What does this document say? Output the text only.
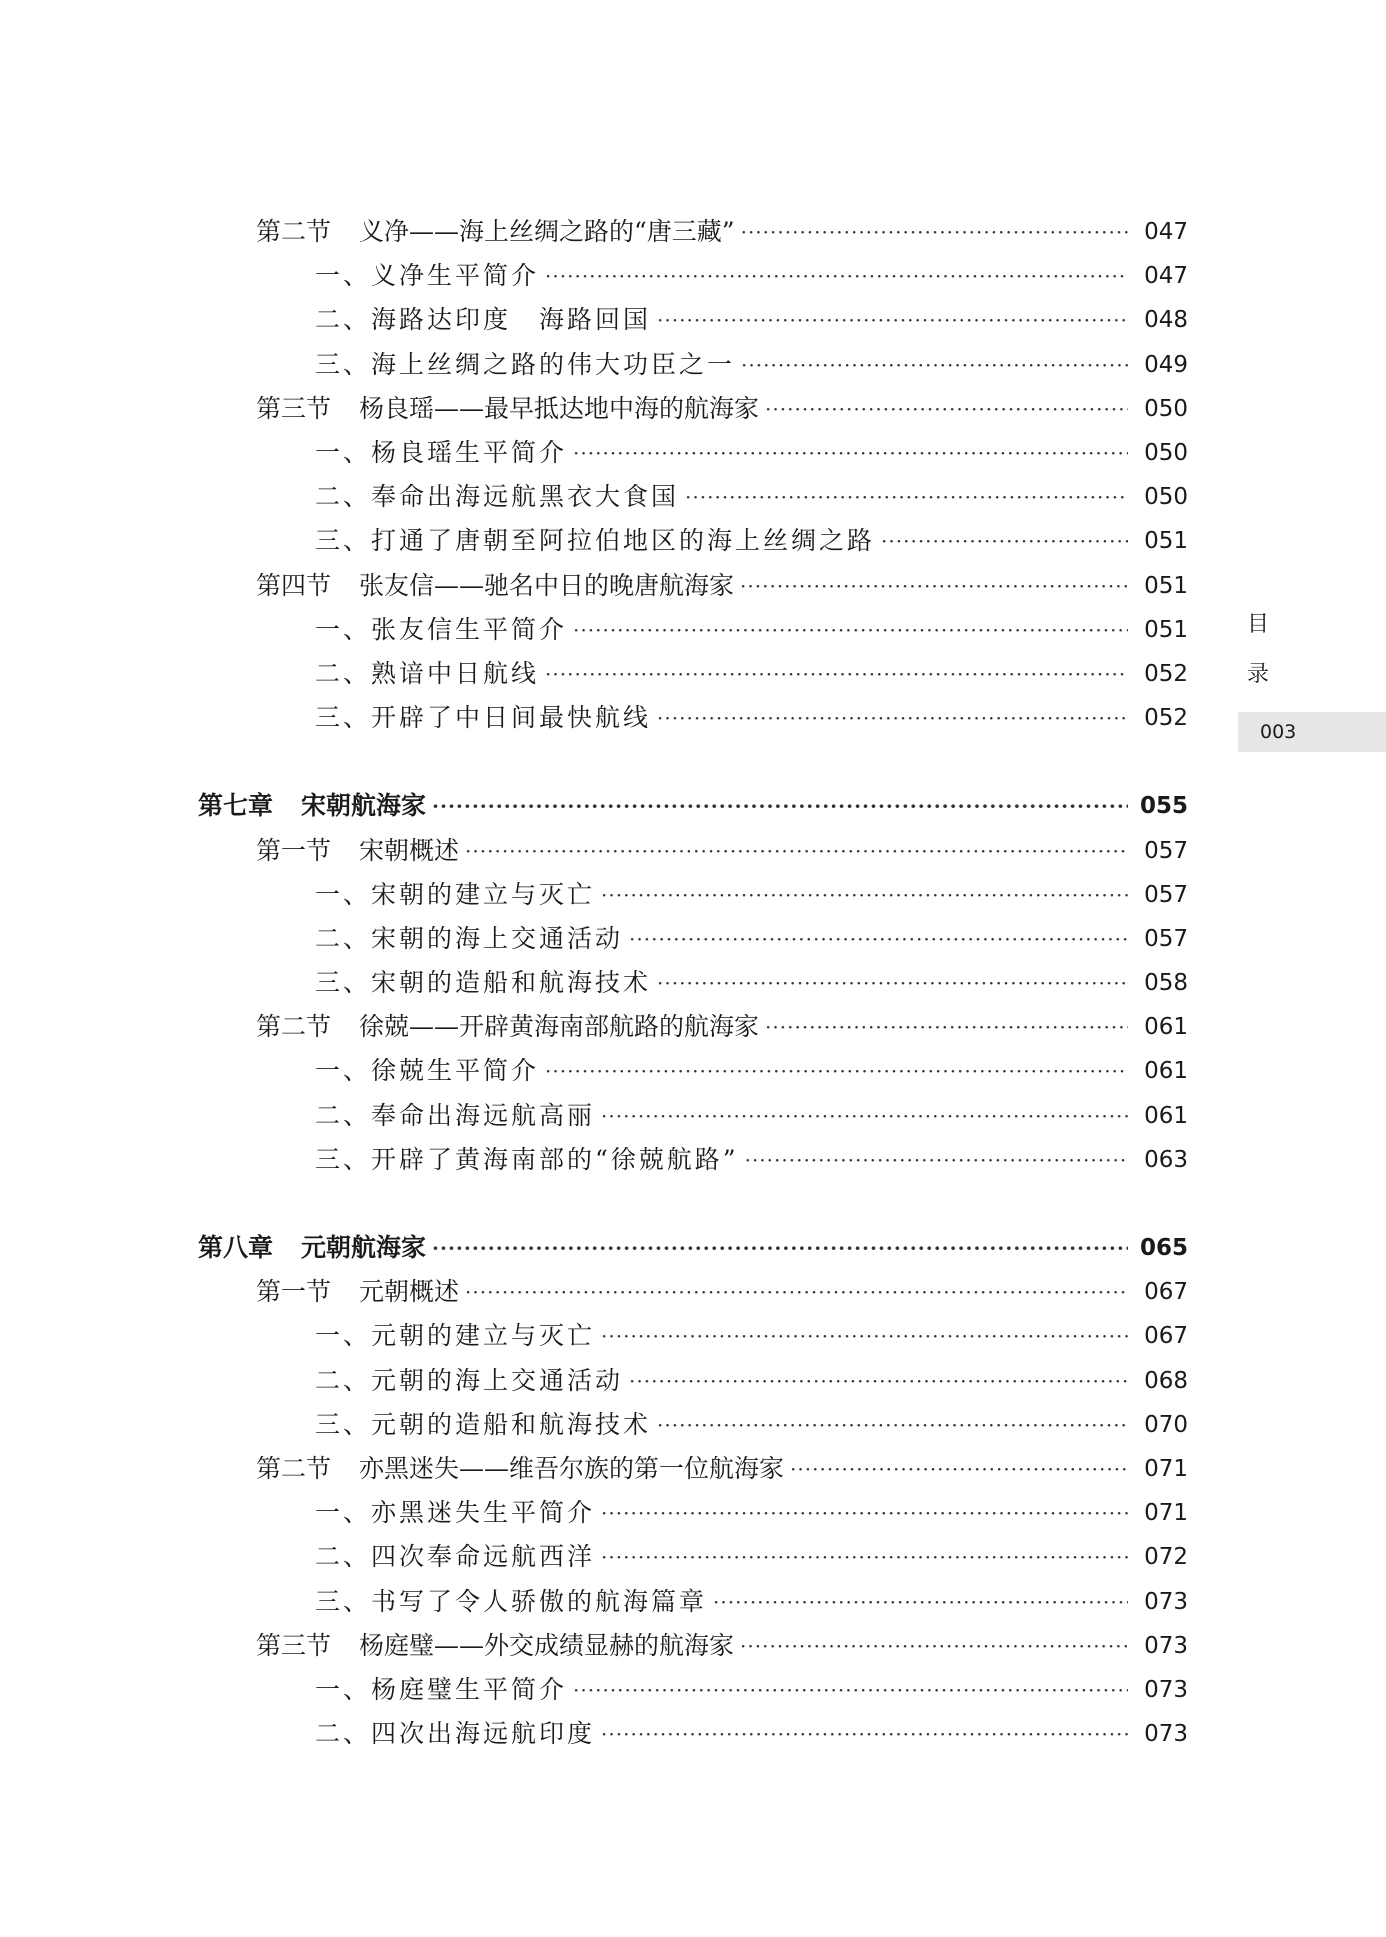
第二节 义净——海上丝绸之路的“唐三藏” ·····	047
一、义净生平简介 ·····	047
二、海路达印度　海路回国 ·····	048
三、海上丝绸之路的伟大功臣之一 ·····	049
第三节 杨良瑶——最早抵达地中海的航海家 ·····	050
一、杨良瑶生平简介 ·····	050
二、奉命出海远航黑衣大食国 ·····	050
三、打通了唐朝至阿拉伯地区的海上丝绸之路 ·····	051
第四节 张友信——驰名中日的晚唐航海家 ·····	051
一、张友信生平简介 ·····	051
二、熟谙中日航线 ·····	052
三、开辟了中日间最快航线 ·····	052
第七章 宋朝航海家 ·····	055
第一节 宋朝概述 ·····	057
一、宋朝的建立与灭亡 ·····	057
二、宋朝的海上交通活动 ·····	057
三、宋朝的造船和航海技术 ·····	058
第二节 徐兢——开辟黄海南部航路的航海家 ·····	061
一、徐兢生平简介 ·····	061
二、奉命出海远航高丽 ·····	061
三、开辟了黄海南部的“徐兢航路” ·····	063
第八章 元朝航海家 ·····	065
第一节 元朝概述 ·····	067
一、元朝的建立与灭亡 ·····	067
二、元朝的海上交通活动 ·····	068
三、元朝的造船和航海技术 ·····	070
第二节 亦黑迷失——维吾尔族的第一位航海家 ·····	071
一、亦黑迷失生平简介 ·····	071
二、四次奉命远航西洋 ·····	072
三、书写了令人骄傲的航海篇章 ·····	073
第三节 杨庭璧——外交成绩显赫的航海家 ·····	073
一、杨庭璧生平简介 ·····	073
二、四次出海远航印度 ·····	073
目
录
003
